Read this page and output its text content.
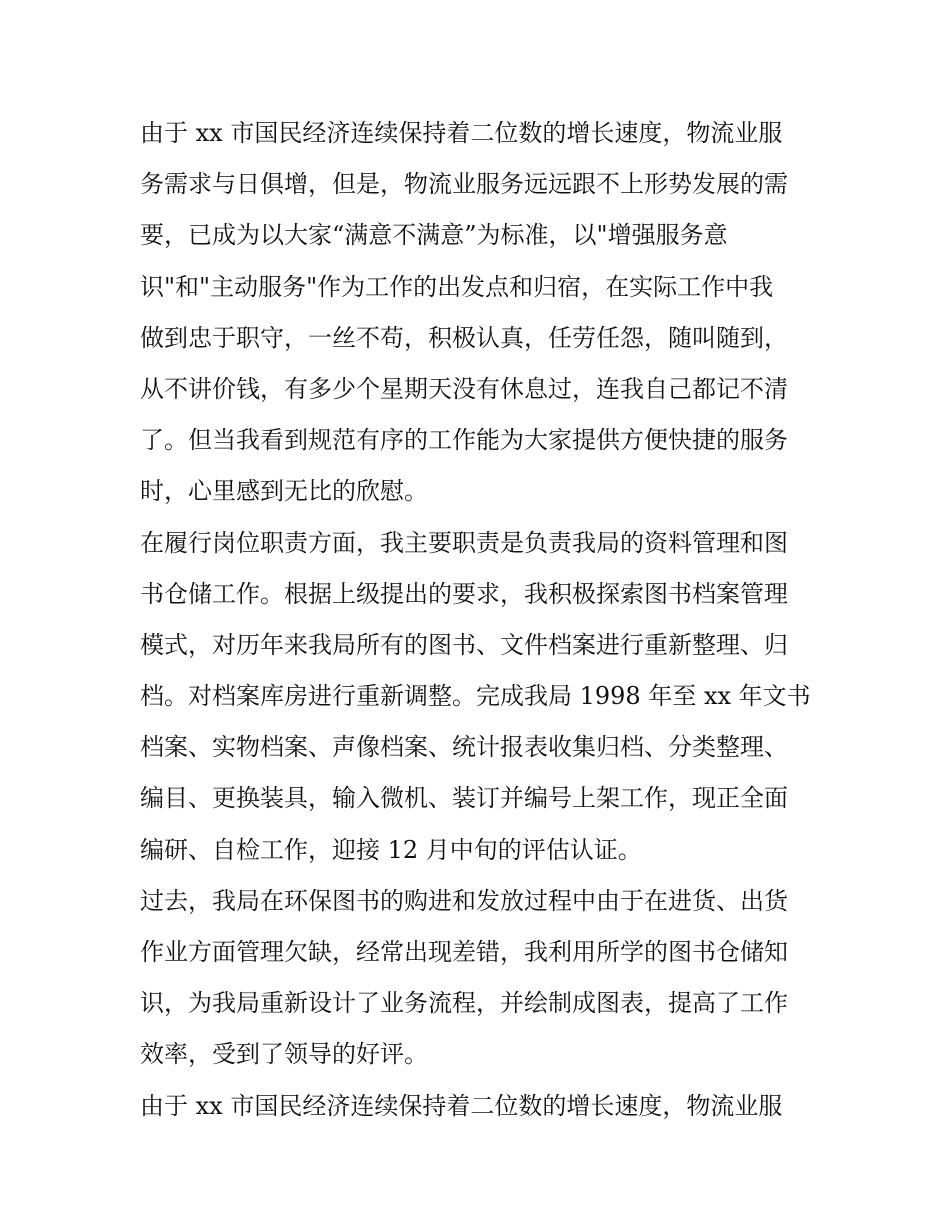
由于 xx 市国民经济连续保持着二位数的增长速度，物流业服
务需求与日俱增，但是，物流业服务远远跟不上形势发展的需
要，已成为以大家“满意不满意”为标准，以"增强服务意
识"和"主动服务"作为工作的出发点和归宿，在实际工作中我
做到忠于职守，一丝不苟，积极认真，任劳任怨，随叫随到，
从不讲价钱，有多少个星期天没有休息过，连我自己都记不清
了。但当我看到规范有序的工作能为大家提供方便快捷的服务
时，心里感到无比的欣慰。
在履行岗位职责方面，我主要职责是负责我局的资料管理和图
书仓储工作。根据上级提出的要求，我积极探索图书档案管理
模式，对历年来我局所有的图书、文件档案进行重新整理、归
档。对档案库房进行重新调整。完成我局 1998 年至 xx 年文书
档案、实物档案、声像档案、统计报表收集归档、分类整理、
编目、更换装具，输入微机、装订并编号上架工作，现正全面
编研、自检工作，迎接 12 月中旬的评估认证。
过去，我局在环保图书的购进和发放过程中由于在进货、出货
作业方面管理欠缺，经常出现差错，我利用所学的图书仓储知
识，为我局重新设计了业务流程，并绘制成图表，提高了工作
效率，受到了领导的好评。
由于 xx 市国民经济连续保持着二位数的增长速度，物流业服
